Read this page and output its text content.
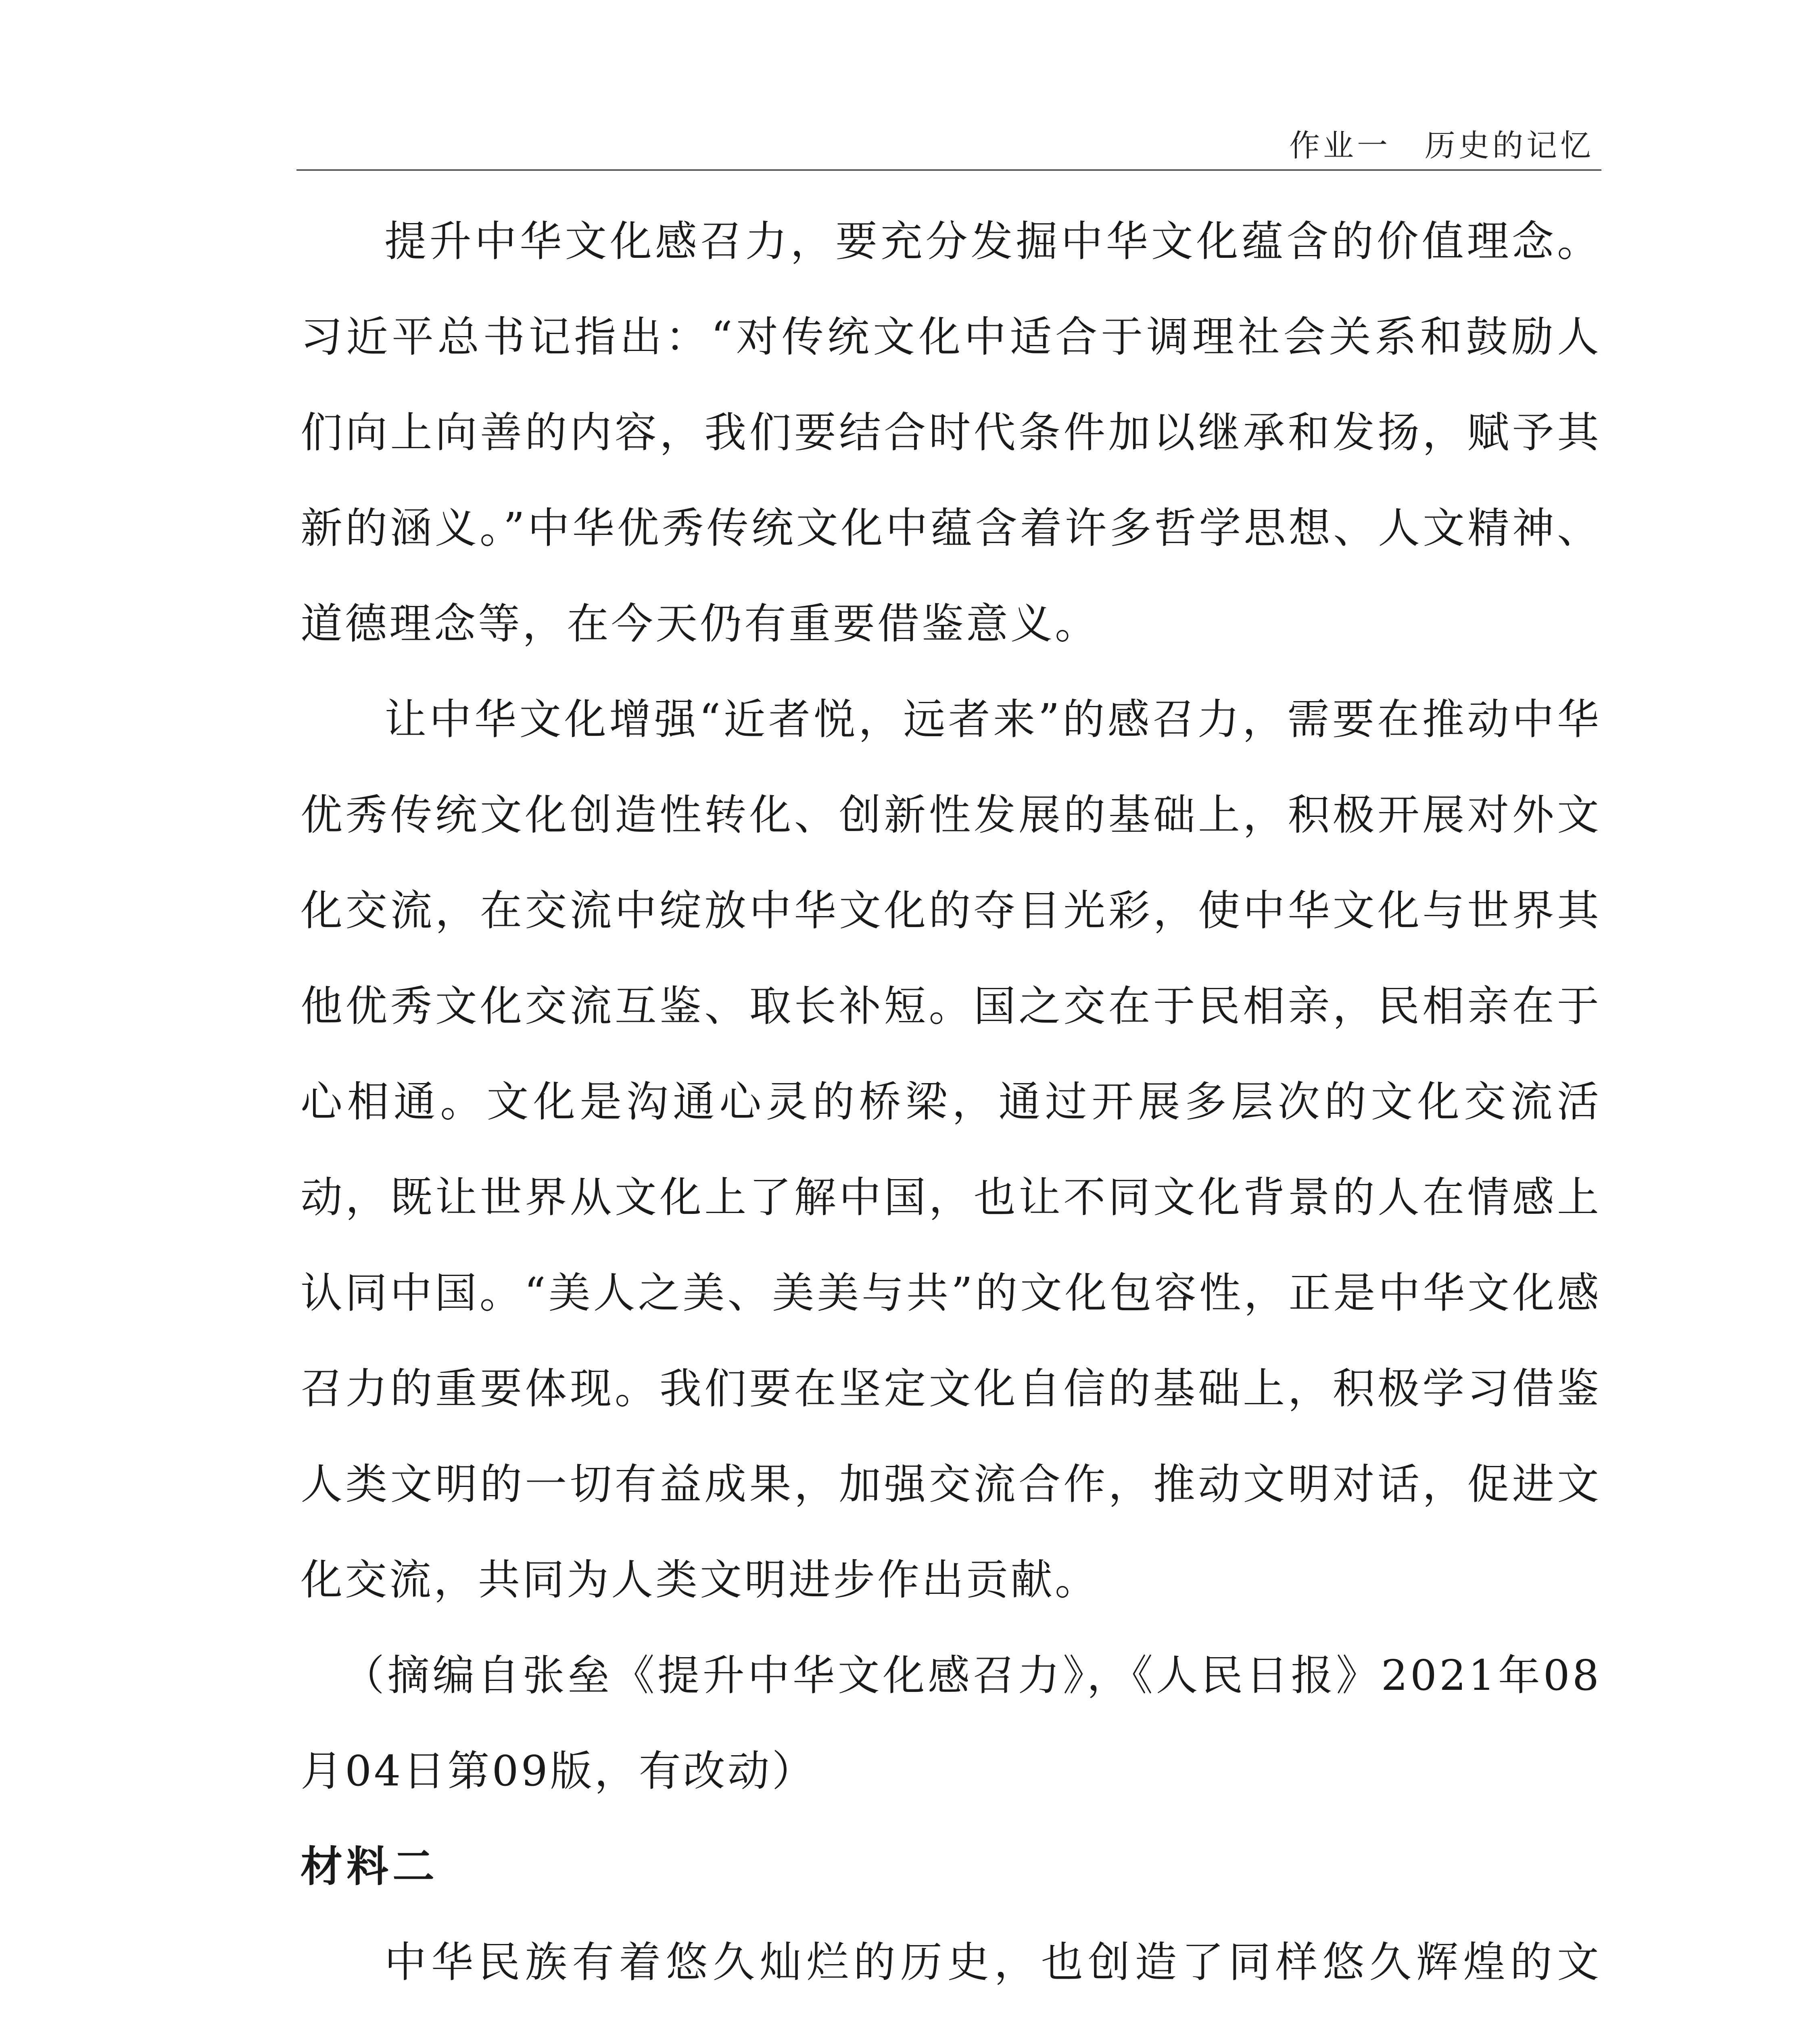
作业一　历史的记忆

提升中华文化感召力，要充分发掘中华文化蕴含的价值理念。习近平总书记指出：“对传统文化中适合于调理社会关系和鼓励人们向上向善的内容，我们要结合时代条件加以继承和发扬，赋予其新的涵义。”中华优秀传统文化中蕴含着许多哲学思想、人文精神、道德理念等，在今天仍有重要借鉴意义。

让中华文化增强“近者悦，远者来”的感召力，需要在推动中华优秀传统文化创造性转化、创新性发展的基础上，积极开展对外文化交流，在交流中绽放中华文化的夺目光彩，使中华文化与世界其他优秀文化交流互鉴、取长补短。国之交在于民相亲，民相亲在于心相通。文化是沟通心灵的桥梁，通过开展多层次的文化交流活动，既让世界从文化上了解中国，也让不同文化背景的人在情感上认同中国。“美人之美、美美与共”的文化包容性，正是中华文化感召力的重要体现。我们要在坚定文化自信的基础上，积极学习借鉴人类文明的一切有益成果，加强交流合作，推动文明对话，促进文化交流，共同为人类文明进步作出贡献。

（摘编自张垒《提升中华文化感召力》，《人民日报》2021年08月04日第09版，有改动）

材料二

中华民族有着悠久灿烂的历史，也创造了同样悠久辉煌的文
